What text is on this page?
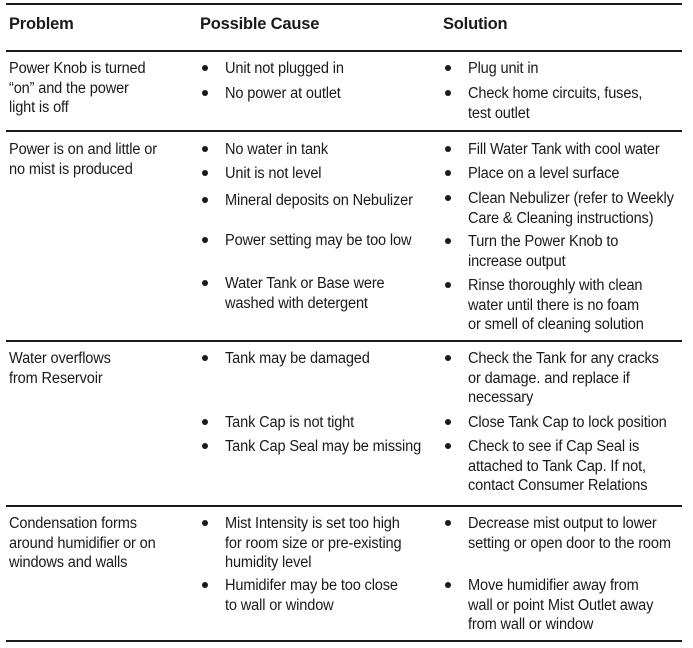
Problem	Possible Cause	Solution
Power Knob is turned
“on” and the power
light is off
Unit not plugged in
No power at outlet
Plug unit in
Check home circuits, fuses,
test outlet
Power is on and little or
no mist is produced
No water in tank
Unit is not level
Mineral deposits on Nebulizer
Power setting may be too low
Water Tank or Base were
washed with detergent
Fill Water Tank with cool water
Place on a level surface
Clean Nebulizer (refer to Weekly
Care & Cleaning instructions)
Turn the Power Knob to
increase output
Rinse thoroughly with clean
water until there is no foam
or smell of cleaning solution
Water overflows
from Reservoir
Tank may be damaged
Tank Cap is not tight
Tank Cap Seal may be missing
Check the Tank for any cracks
or damage. and replace if
necessary
Close Tank Cap to lock position
Check to see if Cap Seal is
attached to Tank Cap. If not,
contact Consumer Relations
Condensation forms
around humidifier or on
windows and walls
Mist Intensity is set too high
for room size or pre-existing
humidity level
Humidifer may be too close
to wall or window
Decrease mist output to lower
setting or open door to the room
Move humidifier away from
wall or point Mist Outlet away
from wall or window
